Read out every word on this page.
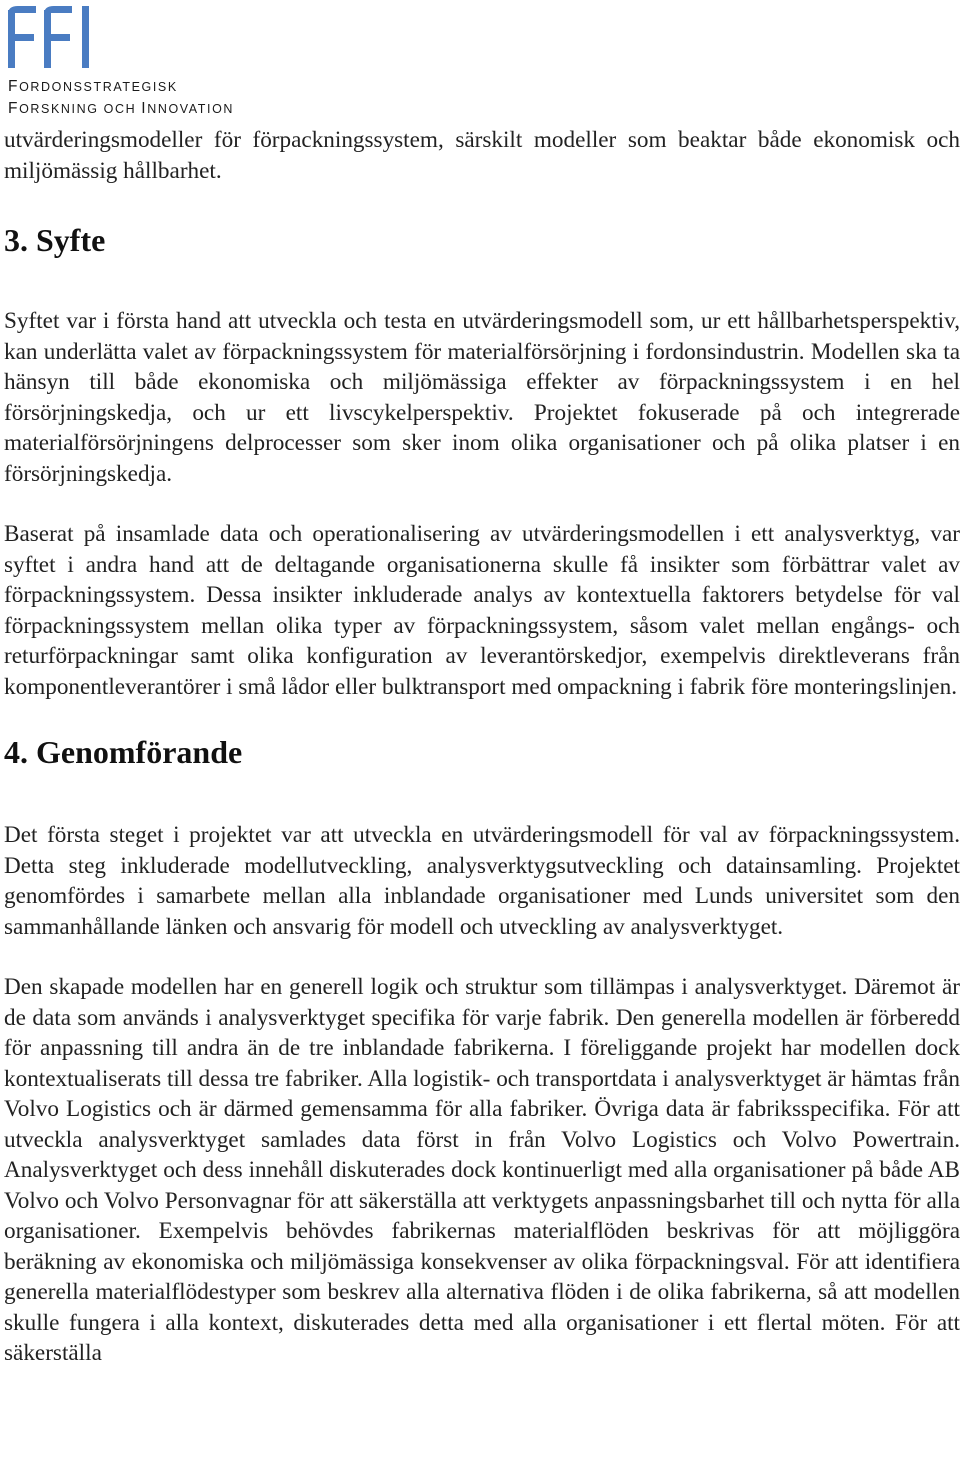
FORDONSSTRATEGISK
FORSKNING OCH INNOVATION

utvärderingsmodeller för förpackningssystem, särskilt modeller som beaktar både ekonomisk och miljömässig hållbarhet.

3. Syfte

Syftet var i första hand att utveckla och testa en utvärderingsmodell som, ur ett hållbarhetsperspektiv, kan underlätta valet av förpackningssystem för materialförsörjning i fordonsindustrin. Modellen ska ta hänsyn till både ekonomiska och miljömässiga effekter av förpackningssystem i en hel försörjningskedja, och ur ett livscykelperspektiv. Projektet fokuserade på och integrerade materialförsörjningens delprocesser som sker inom olika organisationer och på olika platser i en försörjningskedja.

Baserat på insamlade data och operationalisering av utvärderingsmodellen i ett analysverktyg, var syftet i andra hand att de deltagande organisationerna skulle få insikter som förbättrar valet av förpackningssystem. Dessa insikter inkluderade analys av kontextuella faktorers betydelse för val förpackningssystem mellan olika typer av förpackningssystem, såsom valet mellan engångs- och returförpackningar samt olika konfiguration av leverantörskedjor, exempelvis direktleverans från komponentleverantörer i små lådor eller bulktransport med ompackning i fabrik före monteringslinjen.

4. Genomförande

Det första steget i projektet var att utveckla en utvärderingsmodell för val av förpackningssystem. Detta steg inkluderade modellutveckling, analysverktygsutveckling och datainsamling. Projektet genomfördes i samarbete mellan alla inblandade organisationer med Lunds universitet som den sammanhållande länken och ansvarig för modell och utveckling av analysverktyget.

Den skapade modellen har en generell logik och struktur som tillämpas i analysverktyget. Däremot är de data som används i analysverktyget specifika för varje fabrik. Den generella modellen är förberedd för anpassning till andra än de tre inblandade fabrikerna. I föreliggande projekt har modellen dock kontextualiserats till dessa tre fabriker. Alla logistik- och transportdata i analysverktyget är hämtas från Volvo Logistics och är därmed gemensamma för alla fabriker. Övriga data är fabriksspecifika. För att utveckla analysverktyget samlades data först in från Volvo Logistics och Volvo Powertrain. Analysverktyget och dess innehåll diskuterades dock kontinuerligt med alla organisationer på både AB Volvo och Volvo Personvagnar för att säkerställa att verktygets anpassningsbarhet till och nytta för alla organisationer. Exempelvis behövdes fabrikernas materialflöden beskrivas för att möjliggöra beräkning av ekonomiska och miljömässiga konsekvenser av olika förpackningsval. För att identifiera generella materialflödestyper som beskrev alla alternativa flöden i de olika fabrikerna, så att modellen skulle fungera i alla kontext, diskuterades detta med alla organisationer i ett flertal möten. För att säkerställa
